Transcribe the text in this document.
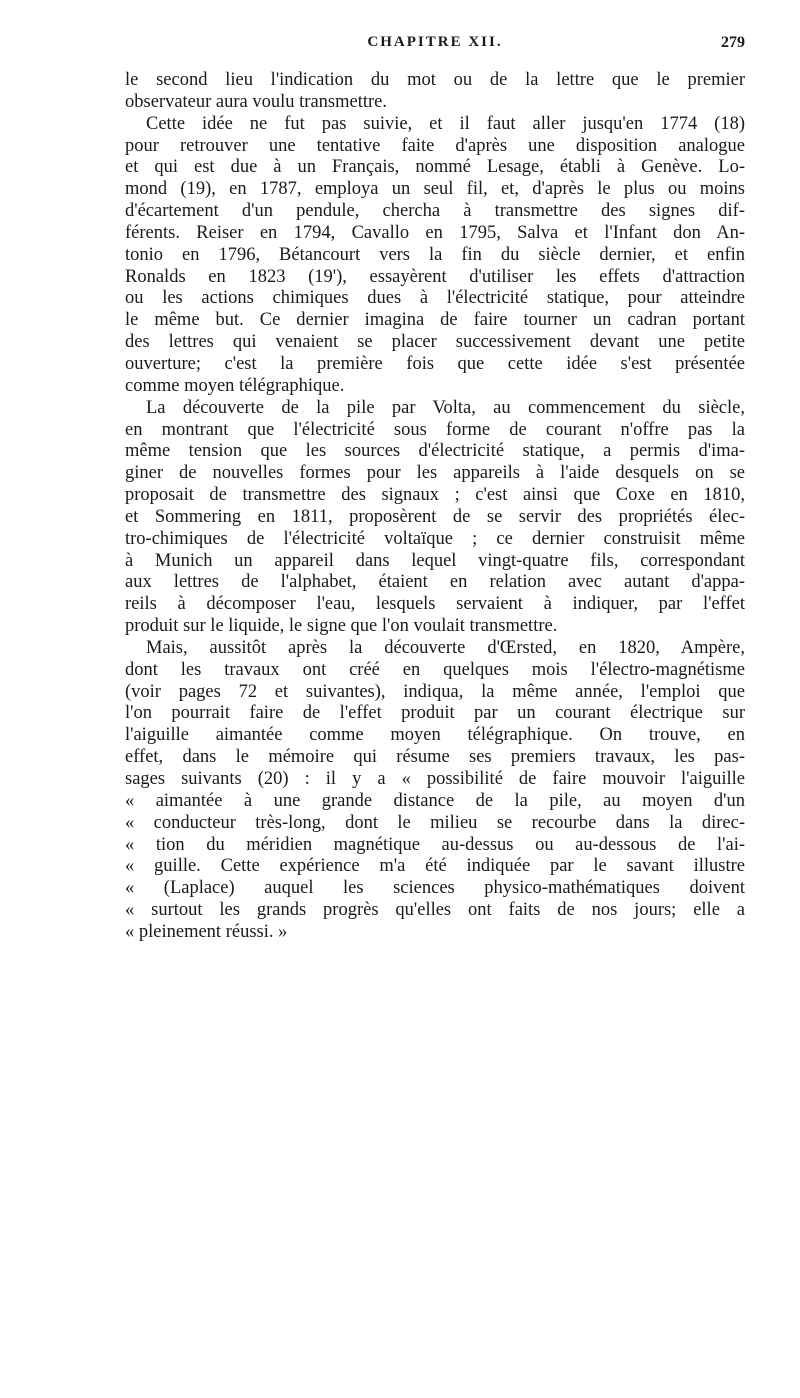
CHAPITRE XII.	279
le second lieu l'indication du mot ou de la lettre que le premier
observateur aura voulu transmettre.
Cette idée ne fut pas suivie, et il faut aller jusqu'en 1774 (18)
pour retrouver une tentative faite d'après une disposition analogue
et qui est due à un Français, nommé Lesage, établi à Genève. Lo-
mond (19), en 1787, employa un seul fil, et, d'après le plus ou moins
d'écartement d'un pendule, chercha à transmettre des signes dif-
férents. Reiser en 1794, Cavallo en 1795, Salva et l'Infant don An-
tonio en 1796, Bétancourt vers la fin du siècle dernier, et enfin
Ronalds en 1823 (19'), essayèrent d'utiliser les effets d'attraction
ou les actions chimiques dues à l'électricité statique, pour atteindre
le même but. Ce dernier imagina de faire tourner un cadran portant
des lettres qui venaient se placer successivement devant une petite
ouverture; c'est la première fois que cette idée s'est présentée
comme moyen télégraphique.
La découverte de la pile par Volta, au commencement du siècle,
en montrant que l'électricité sous forme de courant n'offre pas la
même tension que les sources d'électricité statique, a permis d'ima-
giner de nouvelles formes pour les appareils à l'aide desquels on se
proposait de transmettre des signaux ; c'est ainsi que Coxe en 1810,
et Sommering en 1811, proposèrent de se servir des propriétés élec-
tro-chimiques de l'électricité voltaïque ; ce dernier construisit même
à Munich un appareil dans lequel vingt-quatre fils, correspondant
aux lettres de l'alphabet, étaient en relation avec autant d'appa-
reils à décomposer l'eau, lesquels servaient à indiquer, par l'effet
produit sur le liquide, le signe que l'on voulait transmettre.
Mais, aussitôt après la découverte d'Œrsted, en 1820, Ampère,
dont les travaux ont créé en quelques mois l'électro-magnétisme
(voir pages 72 et suivantes), indiqua, la même année, l'emploi que
l'on pourrait faire de l'effet produit par un courant électrique sur
l'aiguille aimantée comme moyen télégraphique. On trouve, en
effet, dans le mémoire qui résume ses premiers travaux, les pas-
sages suivants (20) : il y a « possibilité de faire mouvoir l'aiguille
« aimantée à une grande distance de la pile, au moyen d'un
« conducteur très-long, dont le milieu se recourbe dans la direc-
« tion du méridien magnétique au-dessus ou au-dessous de l'ai-
« guille. Cette expérience m'a été indiquée par le savant illustre
« (Laplace) auquel les sciences physico-mathématiques doivent
« surtout les grands progrès qu'elles ont faits de nos jours; elle a
« pleinement réussi. »
